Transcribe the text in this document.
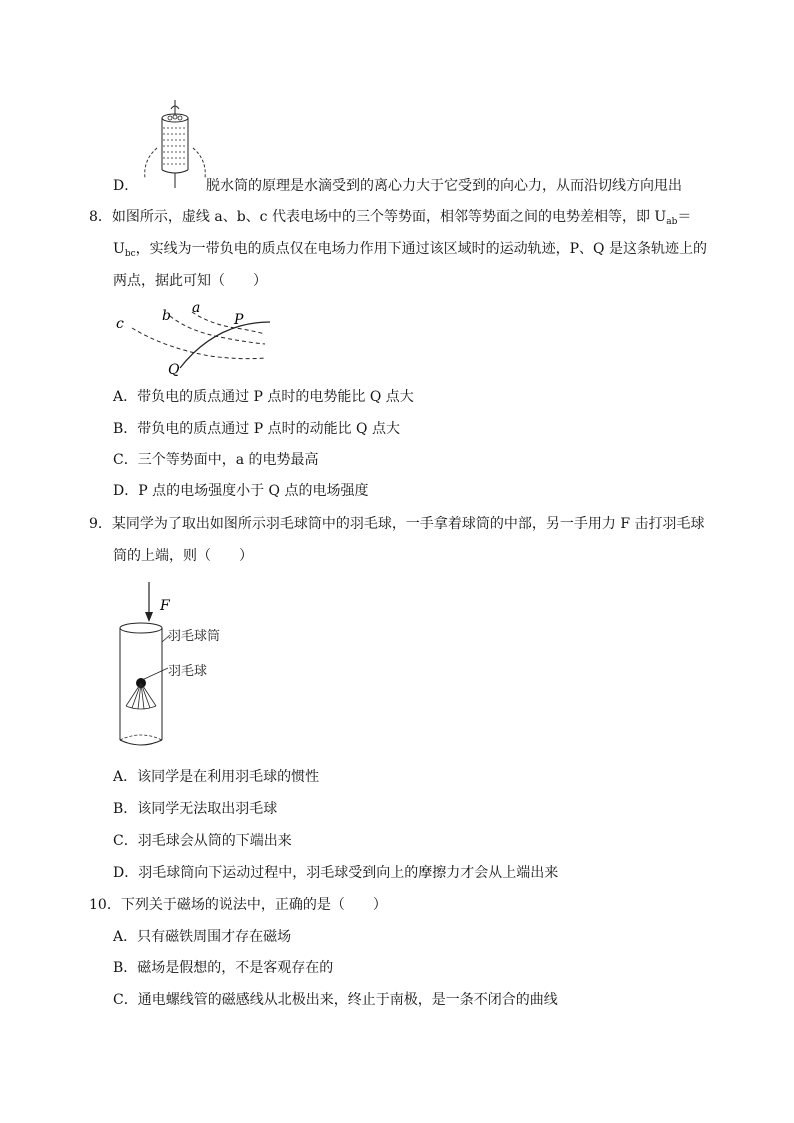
D．	脱水筒的原理是水滴受到的离心力大于它受到的向心力，从而沿切线方向甩出
8．如图所示，虚线 a、b、c 代表电场中的三个等势面，相邻等势面之间的电势差相等，即 $U_{ab}=$
$U_{bc}$，实线为一带负电的质点仅在电场力作用下通过该区域时的运动轨迹，P、Q 是这条轨迹上的
两点，据此可知（　　）
c	b a
P
Q
A．带负电的质点通过 P 点时的电势能比 Q 点大
B．带负电的质点通过 P 点时的动能比 Q 点大
C．三个等势面中，a 的电势最高
D．P 点的电场强度小于 Q 点的电场强度
9．某同学为了取出如图所示羽毛球筒中的羽毛球，一手拿着球筒的中部，另一手用力 F 击打羽毛球
筒的上端，则（　　）
F
羽毛球筒
羽毛球
A．该同学是在利用羽毛球的惯性
B．该同学无法取出羽毛球
C．羽毛球会从筒的下端出来
D．羽毛球筒向下运动过程中，羽毛球受到向上的摩擦力才会从上端出来
10．下列关于磁场的说法中，正确的是（　　）
A．只有磁铁周围才存在磁场
B．磁场是假想的，不是客观存在的
C．通电螺线管的磁感线从北极出来，终止于南极，是一条不闭合的曲线
